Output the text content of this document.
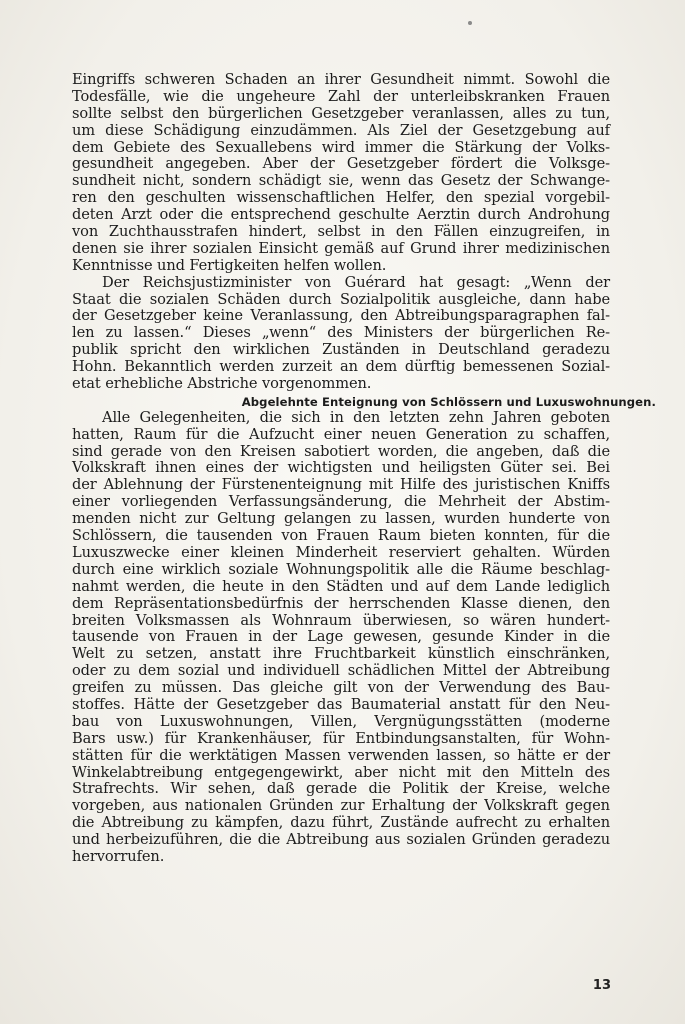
Eingriffs schweren Schaden an ihrer Gesundheit nimmt. Sowohl die
Todesfälle, wie die ungeheure Zahl der unterleibskranken Frauen
sollte selbst den bürgerlichen Gesetzgeber veranlassen, alles zu tun,
um diese Schädigung einzudämmen. Als Ziel der Gesetzgebung auf
dem Gebiete des Sexuallebens wird immer die Stärkung der Volks-
gesundheit angegeben. Aber der Gesetzgeber fördert die Volksge-
sundheit nicht, sondern schädigt sie, wenn das Gesetz der Schwange-
ren den geschulten wissenschaftlichen Helfer, den spezial vorgebil-
deten Arzt oder die entsprechend geschulte Aerztin durch Androhung
von Zuchthausstrafen hindert, selbst in den Fällen einzugreifen, in
denen sie ihrer sozialen Einsicht gemäß auf Grund ihrer medizinischen
Kenntnisse und Fertigkeiten helfen wollen.
Der Reichsjustizminister von Guérard hat gesagt: „Wenn der
Staat die sozialen Schäden durch Sozialpolitik ausgleiche, dann habe
der Gesetzgeber keine Veranlassung, den Abtreibungsparagraphen fal-
len zu lassen.“ Dieses „wenn“ des Ministers der bürgerlichen Re-
publik spricht den wirklichen Zuständen in Deutschland geradezu
Hohn. Bekanntlich werden zurzeit an dem dürftig bemessenen Sozial-
etat erhebliche Abstriche vorgenommen.
Abgelehnte Enteignung von Schlössern und Luxuswohnungen.
Alle Gelegenheiten, die sich in den letzten zehn Jahren geboten
hatten, Raum für die Aufzucht einer neuen Generation zu schaffen,
sind gerade von den Kreisen sabotiert worden, die angeben, daß die
Volkskraft ihnen eines der wichtigsten und heiligsten Güter sei. Bei
der Ablehnung der Fürstenenteignung mit Hilfe des juristischen Kniffs
einer vorliegenden Verfassungsänderung, die Mehrheit der Abstim-
menden nicht zur Geltung gelangen zu lassen, wurden hunderte von
Schlössern, die tausenden von Frauen Raum bieten konnten, für die
Luxuszwecke einer kleinen Minderheit reserviert gehalten. Würden
durch eine wirklich soziale Wohnungspolitik alle die Räume beschlag-
nahmt werden, die heute in den Städten und auf dem Lande lediglich
dem Repräsentationsbedürfnis der herrschenden Klasse dienen, den
breiten Volksmassen als Wohnraum überwiesen, so wären hundert-
tausende von Frauen in der Lage gewesen, gesunde Kinder in die
Welt zu setzen, anstatt ihre Fruchtbarkeit künstlich einschränken,
oder zu dem sozial und individuell schädlichen Mittel der Abtreibung
greifen zu müssen. Das gleiche gilt von der Verwendung des Bau-
stoffes. Hätte der Gesetzgeber das Baumaterial anstatt für den Neu-
bau von Luxuswohnungen, Villen, Vergnügungsstätten (moderne
Bars usw.) für Krankenhäuser, für Entbindungsanstalten, für Wohn-
stätten für die werktätigen Massen verwenden lassen, so hätte er der
Winkelabtreibung entgegengewirkt, aber nicht mit den Mitteln des
Strafrechts. Wir sehen, daß gerade die Politik der Kreise, welche
vorgeben, aus nationalen Gründen zur Erhaltung der Volkskraft gegen
die Abtreibung zu kämpfen, dazu führt, Zustände aufrecht zu erhalten
und herbeizuführen, die die Abtreibung aus sozialen Gründen geradezu
hervorrufen.
13
